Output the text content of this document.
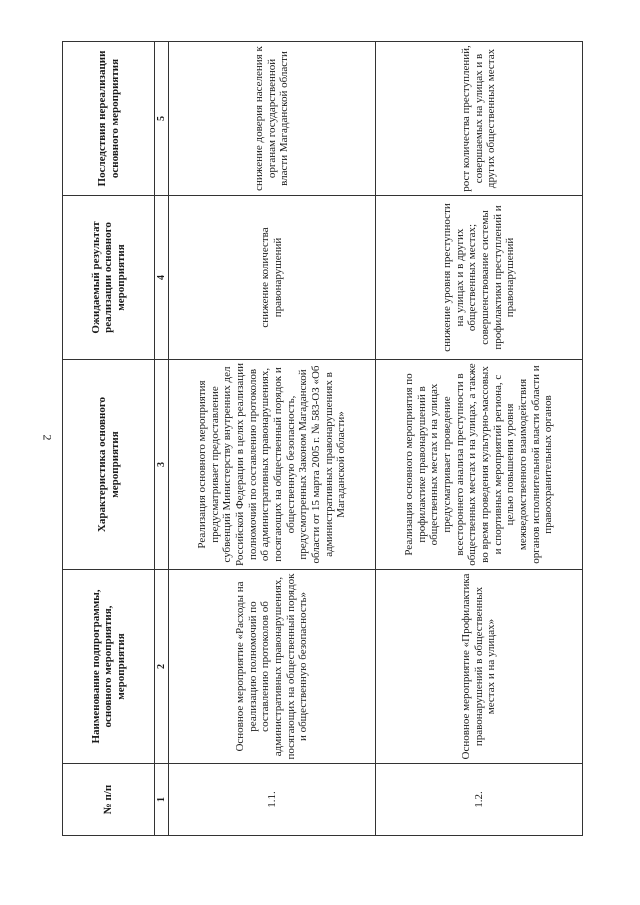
2
№ п/п	Наименование подпрограммы, основного мероприятия, мероприятия	Характеристика основного мероприятия	Ожидаемый результат реализации основного мероприятия	Последствия нереализации основного мероприятия
1	2	3	4	5
1.1.	Основное мероприятие «Расходы на реализацию полномочий по составлению протоколов об административных правонарушениях, посягающих на общественный порядок и общественную безопасность»	Реализация основного мероприятия предусматривает предоставление субвенций Министерству внутренних дел Российской Федерации в целях реализации полномочий по составлению протоколов об административных правонарушениях, посягающих на общественный порядок и общественную безопасность, предусмотренных Законом Магаданской области от 15 марта 2005 г. № 583-ОЗ «Об административных правонарушениях в Магаданской области»	снижение количества правонарушений	снижение доверия населения к органам государственной власти Магаданской области
1.2.	Основное мероприятие «Профилактика правонарушений в общественных местах и на улицах»	Реализация основного мероприятия по профилактике правонарушений в общественных местах и на улицах предусматривает проведение всестороннего анализа преступности в общественных местах и на улицах, а также во время проведения культурно-массовых и спортивных мероприятий региона, с целью повышения уровня межведомственного взаимодействия органов исполнительной власти области и правоохранительных органов	снижение уровня преступности на улицах и в других общественных местах; совершенствование системы профилактики преступлений и правонарушений	рост количества преступлений, совершаемых на улицах и в других общественных местах
